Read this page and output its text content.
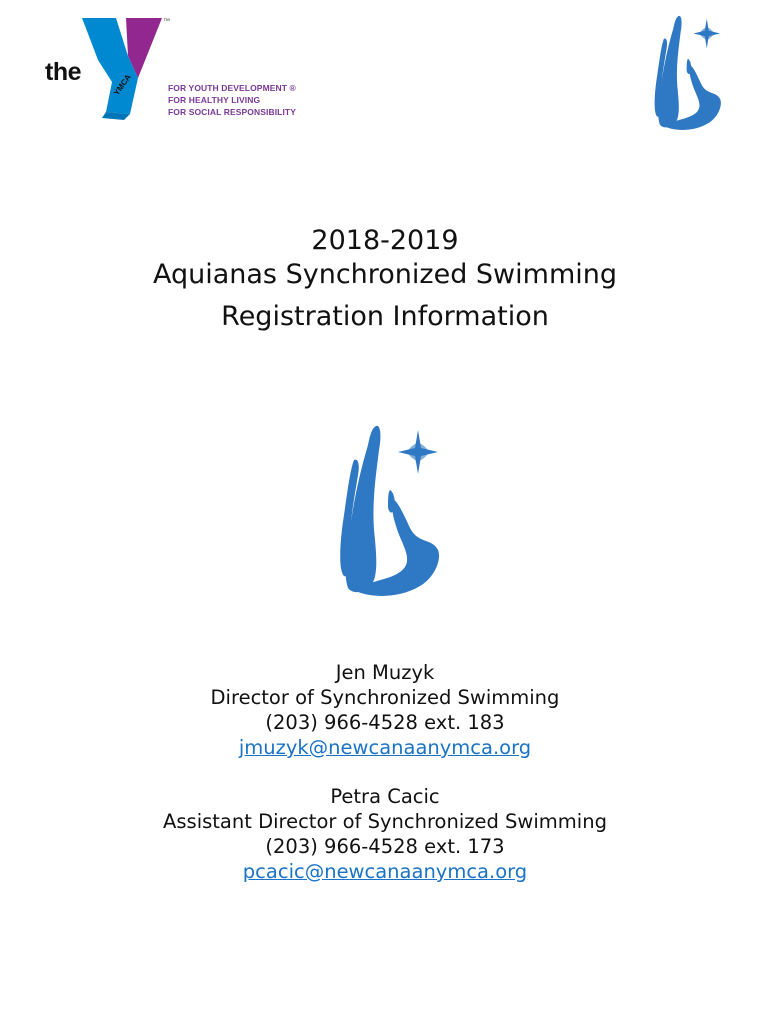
the
™
YMCA	FOR YOUTH DEVELOPMENT ®
FOR HEALTHY LIVING
FOR SOCIAL RESPONSIBILITY
2018-2019
Aquianas Synchronized Swimming
Registration Information
Jen Muzyk
Director of Synchronized Swimming
(203) 966-4528 ext. 183
jmuzyk@newcanaanymca.org
Petra Cacic
Assistant Director of Synchronized Swimming
(203) 966-4528 ext. 173
pcacic@newcanaanymca.org
